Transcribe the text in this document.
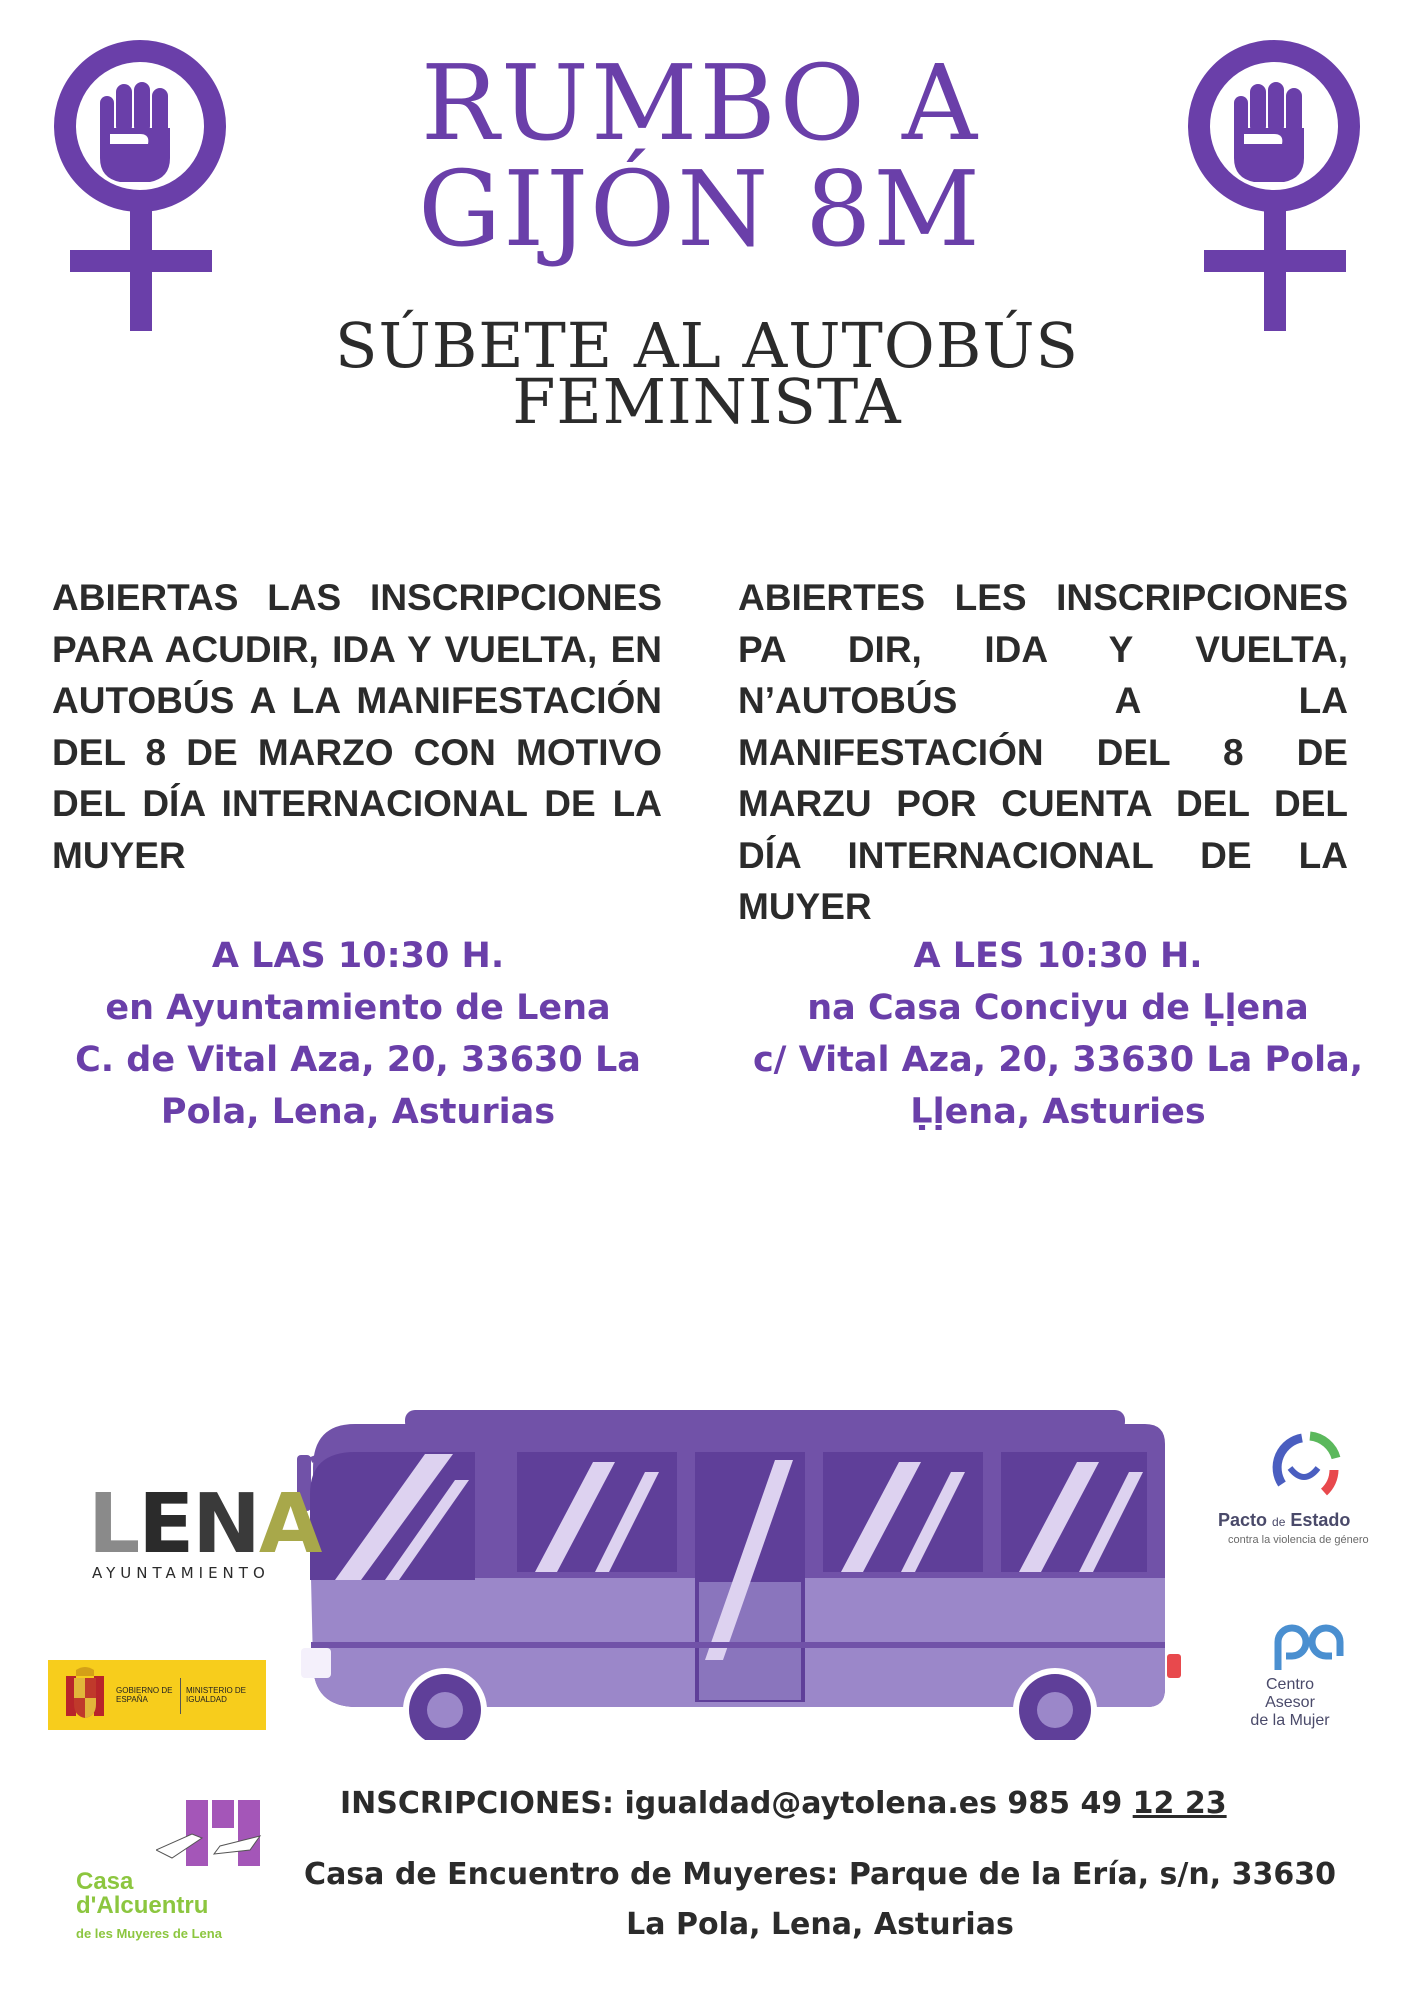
RUMBO A
GIJÓN 8M
SÚBETE AL AUTOBÚS
FEMINISTA
ABIERTAS LAS INSCRIPCIONES PARA ACUDIR, IDA Y VUELTA, EN AUTOBÚS A LA MANIFESTACIÓN DEL 8 DE MARZO CON MOTIVO DEL DÍA INTERNACIONAL DE LA MUYER
ABIERTES LES INSCRIPCIONES PA DIR, IDA Y VUELTA, N’AUTOBÚS A LA MANIFESTACIÓN DEL 8 DE MARZU POR CUENTA DEL DEL DÍA INTERNACIONAL DE LA MUYER
A LAS 10:30 H.
en Ayuntamiento de Lena
C. de Vital Aza, 20, 33630 La
Pola, Lena, Asturias
A LES 10:30 H.
na Casa Conciyu de Ḷḷena
c/ Vital Aza, 20, 33630 La Pola,
Ḷḷena, Asturies
LENA
AYUNTAMIENTO
GOBIERNO DE ESPAÑA
MINISTERIO DE IGUALDAD
Pacto de Estado
contra la violencia de género
Centro Asesor
de la Mujer
INSCRIPCIONES: igualdad@aytolena.es 985 49 12 23
Casa
d'Alcuentru
de les Muyeres de Lena
Casa de Encuentro de Muyeres: Parque de la Ería, s/n, 33630
La Pola, Lena, Asturias
